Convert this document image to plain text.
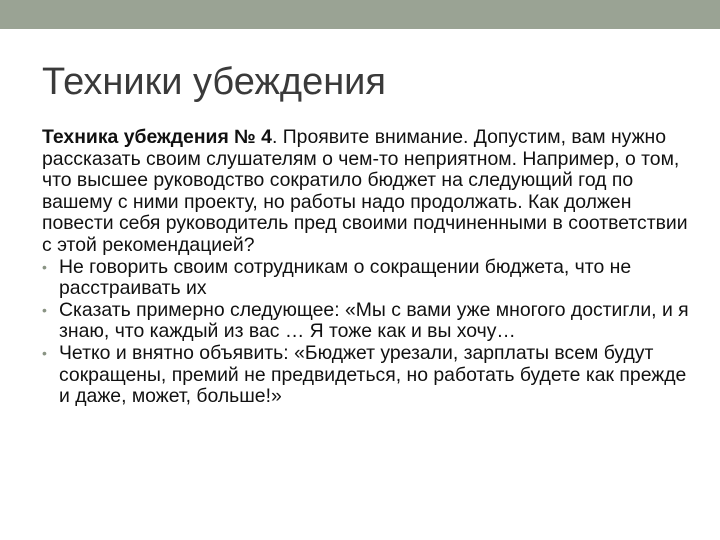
Техники убеждения

Техника убеждения № 4. Проявите внимание. Допустим, вам нужно рассказать своим слушателям о чем-то неприятном. Например, о том, что высшее руководство сократило бюджет на следующий год по вашему с ними проекту, но работы надо продолжать. Как должен повести себя руководитель пред своими подчиненными в соответствии с этой рекомендацией?

• Не говорить своим сотрудникам о сокращении бюджета, что не расстраивать их
• Сказать примерно следующее: «Мы с вами уже многого достигли, и я знаю, что каждый из вас … Я тоже как и вы хочу…
• Четко и внятно объявить: «Бюджет урезали, зарплаты всем будут сокращены, премий не предвидеться, но работать будете как прежде и даже, может, больше!»
